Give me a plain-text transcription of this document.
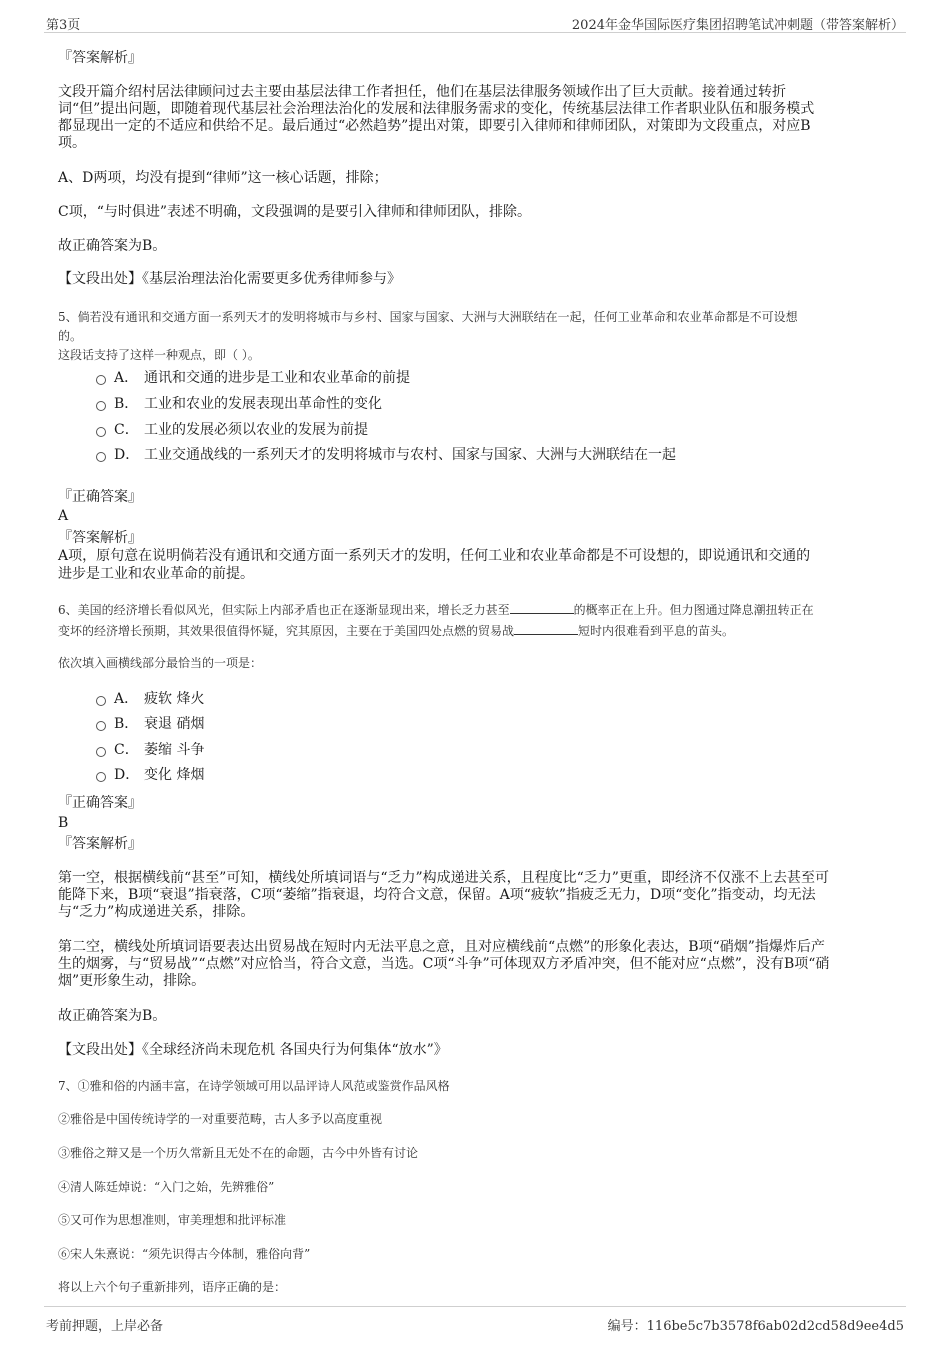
第3页	2024年金华国际医疗集团招聘笔试冲刺题（带答案解析）
『答案解析』
文段开篇介绍村居法律顾问过去主要由基层法律工作者担任，他们在基层法律服务领域作出了巨大贡献。接着通过转折
词“但”提出问题，即随着现代基层社会治理法治化的发展和法律服务需求的变化，传统基层法律工作者职业队伍和服务模式
都显现出一定的不适应和供给不足。最后通过“必然趋势”提出对策，即要引入律师和律师团队，对策即为文段重点，对应B
项。
A、D两项，均没有提到“律师”这一核心话题，排除；
C项，“与时俱进”表述不明确，文段强调的是要引入律师和律师团队，排除。
故正确答案为B。
【文段出处】《基层治理法治化需要更多优秀律师参与》
5、倘若没有通讯和交通方面一系列天才的发明将城市与乡村、国家与国家、大洲与大洲联结在一起，任何工业革命和农业革命都是不可设想
的。
这段话支持了这样一种观点，即（ ）。
A． 通讯和交通的进步是工业和农业革命的前提
B． 工业和农业的发展表现出革命性的变化
C． 工业的发展必须以农业的发展为前提
D． 工业交通战线的一系列天才的发明将城市与农村、国家与国家、大洲与大洲联结在一起
『正确答案』
A
『答案解析』
A项，原句意在说明倘若没有通讯和交通方面一系列天才的发明，任何工业和农业革命都是不可设想的，即说通讯和交通的
进步是工业和农业革命的前提。
6、美国的经济增长看似风光，但实际上内部矛盾也正在逐渐显现出来，增长乏力甚至	的概率正在上升。但力图通过降息潮扭转正在
变坏的经济增长预期，其效果很值得怀疑，究其原因，主要在于美国四处点燃的贸易战	短时内很难看到平息的苗头。
依次填入画横线部分最恰当的一项是：
A． 疲软 烽火
B． 衰退 硝烟
C． 萎缩 斗争
D． 变化 烽烟
『正确答案』
B
『答案解析』
第一空，根据横线前“甚至”可知，横线处所填词语与“乏力”构成递进关系，且程度比“乏力”更重，即经济不仅涨不上去甚至可
能降下来，B项“衰退”指衰落，C项“萎缩”指衰退，均符合文意，保留。A项“疲软”指疲乏无力，D项“变化”指变动，均无法
与“乏力”构成递进关系，排除。
第二空，横线处所填词语要表达出贸易战在短时内无法平息之意，且对应横线前“点燃”的形象化表达，B项“硝烟”指爆炸后产
生的烟雾，与“贸易战”“点燃”对应恰当，符合文意，当选。C项“斗争”可体现双方矛盾冲突，但不能对应“点燃”，没有B项“硝
烟”更形象生动，排除。
故正确答案为B。
【文段出处】《全球经济尚未现危机 各国央行为何集体“放水”》
7、①雅和俗的内涵丰富，在诗学领域可用以品评诗人风范或鉴赏作品风格
②雅俗是中国传统诗学的一对重要范畴，古人多予以高度重视
③雅俗之辩又是一个历久常新且无处不在的命题，古今中外皆有讨论
④清人陈廷焯说：“入门之始，先辨雅俗”
⑤又可作为思想准则，审美理想和批评标准
⑥宋人朱熹说：“须先识得古今体制，雅俗向背”
将以上六个句子重新排列，语序正确的是：
考前押题，上岸必备	编号：116be5c7b3578f6ab02d2cd58d9ee4d5
